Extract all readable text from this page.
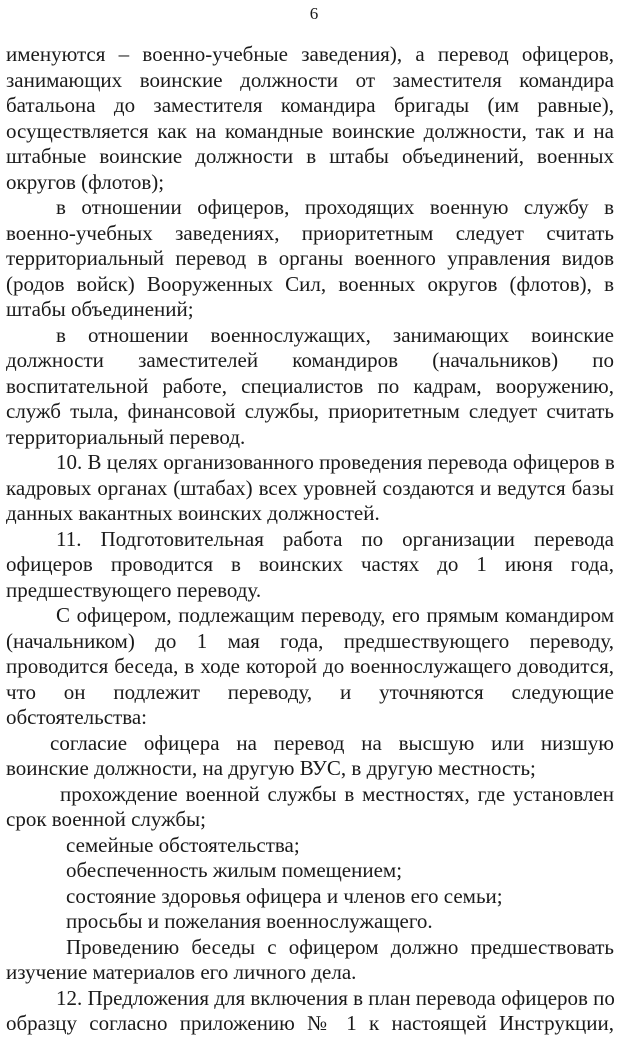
6
именуются – военно-учебные заведения), а перевод офицеров,
занимающих воинские должности от заместителя командира
батальона до заместителя командира бригады (им равные),
осуществляется как на командные воинские должности, так и на
штабные воинские должности в штабы объединений, военных
округов (флотов);
в отношении офицеров, проходящих военную службу в
военно-учебных заведениях, приоритетным следует считать
территориальный перевод в органы военного управления видов
(родов войск) Вооруженных Сил, военных округов (флотов), в
штабы объединений;
в отношении военнослужащих, занимающих воинские
должности заместителей командиров (начальников) по
воспитательной работе, специалистов по кадрам, вооружению,
служб тыла, финансовой службы, приоритетным следует считать
территориальный перевод.
10. В целях организованного проведения перевода офицеров в
кадровых органах (штабах) всех уровней создаются и ведутся базы
данных вакантных воинских должностей.
11. Подготовительная работа по организации перевода
офицеров проводится в воинских частях до 1 июня года,
предшествующего переводу.
С офицером, подлежащим переводу, его прямым командиром
(начальником) до 1 мая года, предшествующего переводу,
проводится беседа, в ходе которой до военнослужащего доводится,
что он подлежит переводу, и уточняются следующие
обстоятельства:
согласие офицера на перевод на высшую или низшую
воинские должности, на другую ВУС, в другую местность;
прохождение военной службы в местностях, где установлен
срок военной службы;
семейные обстоятельства;
обеспеченность жилым помещением;
состояние здоровья офицера и членов его семьи;
просьбы и пожелания военнослужащего.
Проведению беседы с офицером должно предшествовать
изучение материалов его личного дела.
12. Предложения для включения в план перевода офицеров по
образцу согласно приложению № 1 к настоящей Инструкции,
